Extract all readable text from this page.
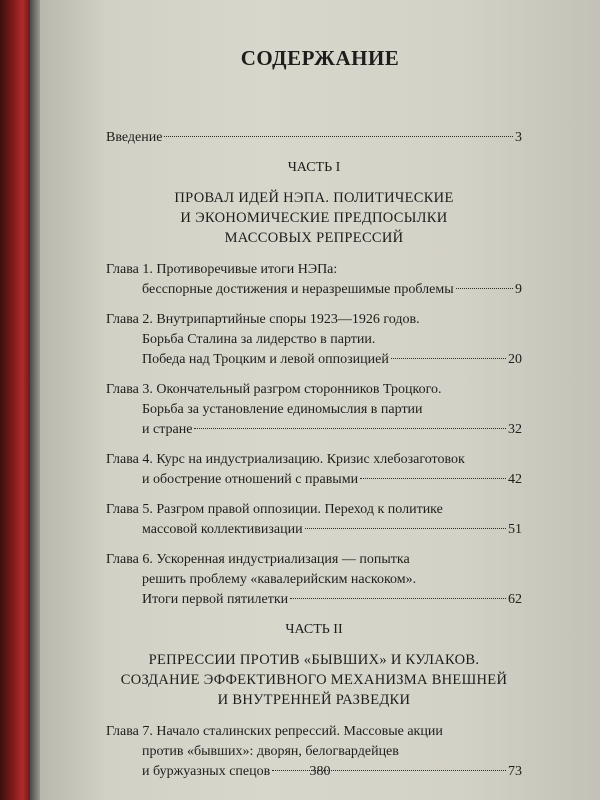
СОДЕРЖАНИЕ
Введение	3
ЧАСТЬ I
ПРОВАЛ ИДЕЙ НЭПА. ПОЛИТИЧЕСКИЕ
И ЭКОНОМИЧЕСКИЕ ПРЕДПОСЫЛКИ
МАССОВЫХ РЕПРЕССИЙ
Глава 1. Противоречивые итоги НЭПа:
бесспорные достижения и неразрешимые проблемы	9
Глава 2. Внутрипартийные споры 1923—1926 годов.
Борьба Сталина за лидерство в партии.
Победа над Троцким и левой оппозицией	20
Глава 3. Окончательный разгром сторонников Троцкого.
Борьба за установление единомыслия в партии
и стране	32
Глава 4. Курс на индустриализацию. Кризис хлебозаготовок
и обострение отношений с правыми	42
Глава 5. Разгром правой оппозиции. Переход к политике
массовой коллективизации	51
Глава 6. Ускоренная индустриализация — попытка
решить проблему «кавалерийским наскоком».
Итоги первой пятилетки	62
ЧАСТЬ II
РЕПРЕССИИ ПРОТИВ «БЫВШИХ» И КУЛАКОВ.
СОЗДАНИЕ ЭФФЕКТИВНОГО МЕХАНИЗМА ВНЕШНЕЙ
И ВНУТРЕННЕЙ РАЗВЕДКИ
Глава 7. Начало сталинских репрессий. Массовые акции
против «бывших»: дворян, белогвардейцев
и буржуазных спецов	73
380
